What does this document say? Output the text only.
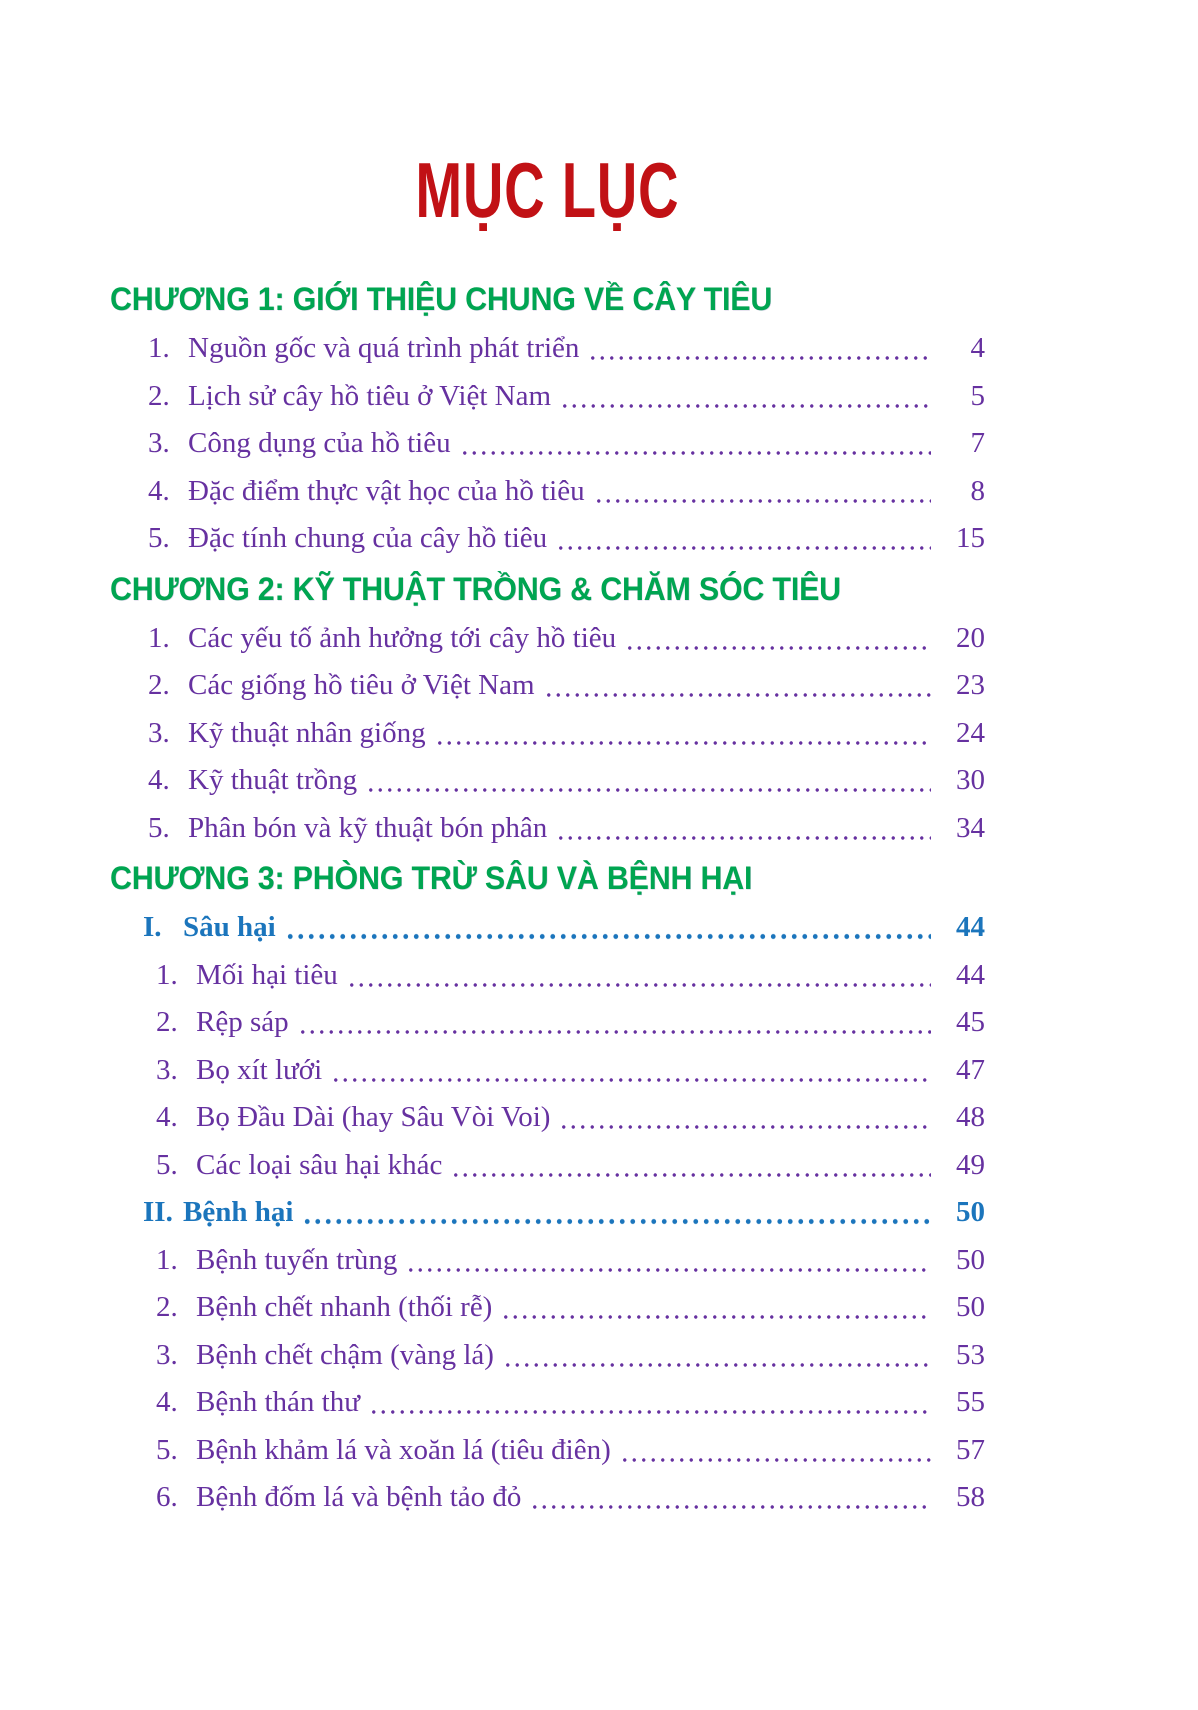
MỤC LỤC
CHƯƠNG 1: GIỚI THIỆU CHUNG VỀ CÂY TIÊU
1. Nguồn gốc và quá trình phát triển	4
2. Lịch sử cây hồ tiêu ở Việt Nam	5
3. Công dụng của hồ tiêu	7
4. Đặc điểm thực vật học của hồ tiêu	8
5. Đặc tính chung của cây hồ tiêu	15
CHƯƠNG 2: KỸ THUẬT TRỒNG & CHĂM SÓC TIÊU
1. Các yếu tố ảnh hưởng tới cây hồ tiêu	20
2. Các giống hồ tiêu ở Việt Nam	23
3. Kỹ thuật nhân giống	24
4. Kỹ thuật trồng	30
5. Phân bón và kỹ thuật bón phân	34
CHƯƠNG 3: PHÒNG TRỪ SÂU VÀ BỆNH HẠI
I. Sâu hại	44
1. Mối hại tiêu	44
2. Rệp sáp	45
3. Bọ xít lưới	47
4. Bọ Đầu Dài (hay Sâu Vòi Voi)	48
5. Các loại sâu hại khác	49
II. Bệnh hại	50
1. Bệnh tuyến trùng	50
2. Bệnh chết nhanh (thối rễ)	50
3. Bệnh chết chậm (vàng lá)	53
4. Bệnh thán thư	55
5. Bệnh khảm lá và xoăn lá (tiêu điên)	57
6. Bệnh đốm lá và bệnh tảo đỏ	58
